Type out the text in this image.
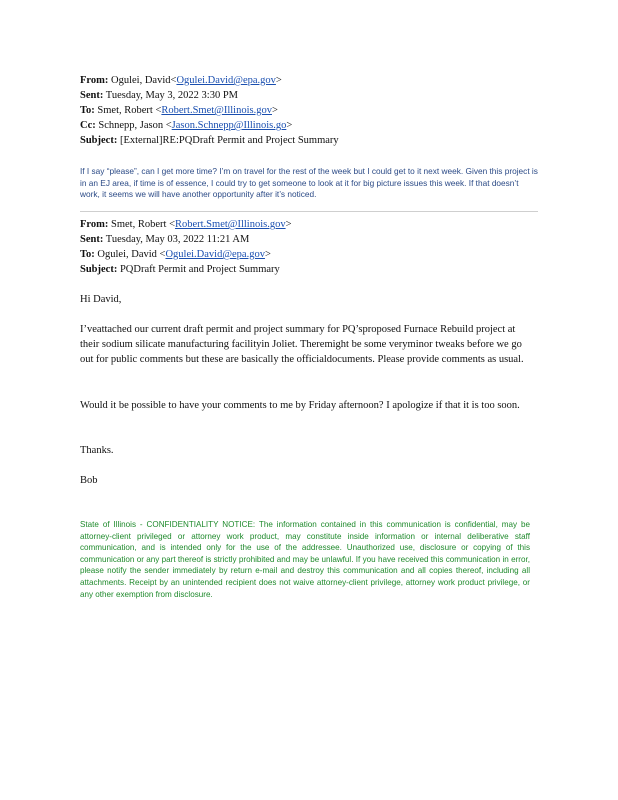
From: Ogulei, David<Ogulei.David@epa.gov>
Sent: Tuesday, May 3, 2022 3:30 PM
To: Smet, Robert <Robert.Smet@Illinois.gov>
Cc: Schnepp, Jason <Jason.Schnepp@Illinois.go>
Subject: [External]RE:PQDraft Permit and Project Summary
If I say “please”, can I get more time? I’m on travel for the rest of the week but I could get to it next week. Given this project is in an EJ area, if time is of essence, I could try to get someone to look at it for big picture issues this week. If that doesn’t work, it seems we will have another opportunity after it’s noticed.
From: Smet, Robert <Robert.Smet@Illinois.gov>
Sent: Tuesday, May 03, 2022 11:21 AM
To: Ogulei, David <Ogulei.David@epa.gov>
Subject: PQDraft Permit and Project Summary
Hi David,
I’veattached our current draft permit and project summary for PQ’sproposed Furnace Rebuild project at their sodium silicate manufacturing facilityin Joliet. Theremight be some veryminor tweaks before we go out for public comments but these are basically the officialdocuments. Please provide comments as usual.
Would it be possible to have your comments to me by Friday afternoon? I apologize if that it is too soon.
Thanks.
Bob
State of Illinois - CONFIDENTIALITY NOTICE: The information contained in this communication is confidential, may be attorney-client privileged or attorney work product, may constitute inside information or internal deliberative staff communication, and is intended only for the use of the addressee. Unauthorized use, disclosure or copying of this communication or any part thereof is strictly prohibited and may be unlawful. If you have received this communication in error, please notify the sender immediately by return e-mail and destroy this communication and all copies thereof, including all attachments. Receipt by an unintended recipient does not waive attorney-client privilege, attorney work product privilege, or any other exemption from disclosure.
